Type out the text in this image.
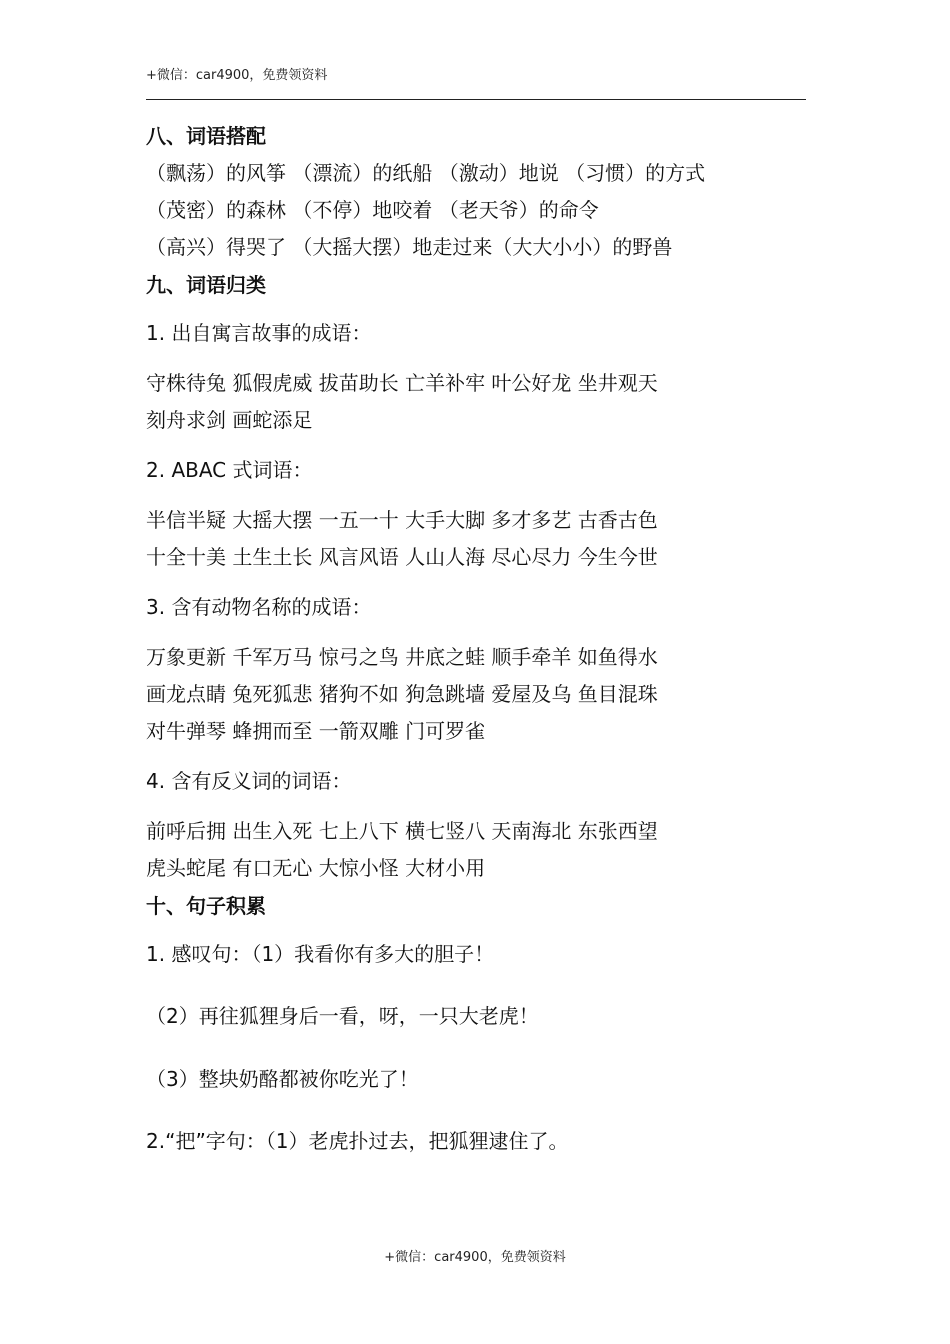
+微信：car4900，免费领资料
八、词语搭配
（飘荡）的风筝 （漂流）的纸船 （激动）地说 （习惯）的方式
（茂密）的森林 （不停）地咬着 （老天爷）的命令
（高兴）得哭了 （大摇大摆）地走过来（大大小小）的野兽
九、词语归类
1. 出自寓言故事的成语：
守株待兔 狐假虎威 拔苗助长 亡羊补牢 叶公好龙 坐井观天
刻舟求剑 画蛇添足
2. ABAC 式词语：
半信半疑 大摇大摆 一五一十 大手大脚 多才多艺 古香古色
十全十美 土生土长 风言风语 人山人海 尽心尽力 今生今世
3. 含有动物名称的成语：
万象更新 千军万马 惊弓之鸟 井底之蛙 顺手牵羊 如鱼得水
画龙点睛 兔死狐悲 猪狗不如 狗急跳墙 爱屋及乌 鱼目混珠
对牛弹琴 蜂拥而至 一箭双雕 门可罗雀
4. 含有反义词的词语：
前呼后拥 出生入死 七上八下 横七竖八 天南海北 东张西望
虎头蛇尾 有口无心 大惊小怪 大材小用
十、句子积累
1. 感叹句：（1）我看你有多大的胆子！
（2）再往狐狸身后一看，呀，一只大老虎！
（3）整块奶酪都被你吃光了！
2.“把”字句：（1）老虎扑过去，把狐狸逮住了。
+微信：car4900，免费领资料
